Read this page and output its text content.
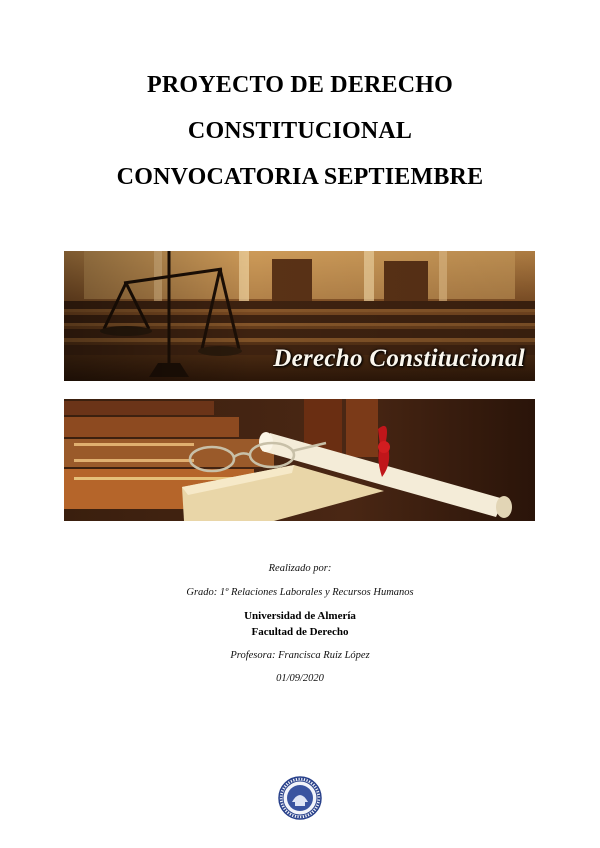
PROYECTO DE DERECHO
CONSTITUCIONAL
CONVOCATORIA SEPTIEMBRE
Derecho Constitucional
Realizado por:
Grado: 1º Relaciones Laborales y Recursos Humanos
Universidad de Almería
Facultad de Derecho
Profesora: Francisca Ruiz López
01/09/2020
